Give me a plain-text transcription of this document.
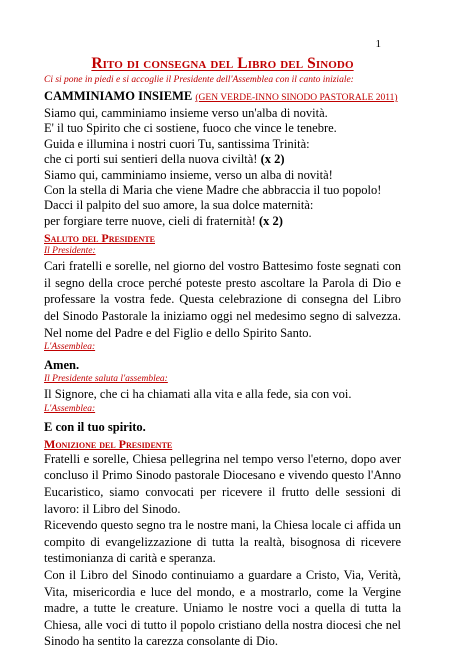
1
Rito di consegna del Libro del Sinodo
Ci si pone in piedi e si accoglie il Presidente dell'Assemblea con il canto iniziale:
CAMMINIAMO INSIEME (GEN VERDE-INNO SINODO PASTORALE 2011)
Siamo qui, camminiamo insieme verso un'alba di novità.
E' il tuo Spirito che ci sostiene, fuoco che vince le tenebre.
Guida e illumina i nostri cuori Tu, santissima Trinità:
che ci porti sui sentieri della nuova civiltà! (x 2)
Siamo qui, camminiamo insieme, verso un alba di novità!
Con la stella di Maria che viene Madre che abbraccia il tuo popolo!
Dacci il palpito del suo amore, la sua dolce maternità:
per forgiare terre nuove, cieli di fraternità! (x 2)
Saluto del Presidente
Il Presidente:
Cari fratelli e sorelle, nel giorno del vostro Battesimo foste segnati con il segno della croce perché poteste presto ascoltare la Parola di Dio e professare la vostra fede. Questa celebrazione di consegna del Libro del Sinodo Pastorale la iniziamo oggi nel medesimo segno di salvezza. Nel nome del Padre e del Figlio e dello Spirito Santo.
L'Assemblea:
Amen.
Il Presidente saluta l'assemblea:
Il Signore, che ci ha chiamati alla vita e alla fede, sia con voi.
L'Assemblea:
E con il tuo spirito.
Monizione del Presidente
Fratelli e sorelle, Chiesa pellegrina nel tempo verso l'eterno, dopo aver concluso il Primo Sinodo pastorale Diocesano e vivendo questo l'Anno Eucaristico, siamo convocati per ricevere il frutto delle sessioni di lavoro: il Libro del Sinodo.
Ricevendo questo segno tra le nostre mani, la Chiesa locale ci affida un compito di evangelizzazione di tutta la realtà, bisognosa di ricevere testimonianza di carità e speranza.
Con il Libro del Sinodo continuiamo a guardare a Cristo, Via, Verità, Vita, misericordia e luce del mondo, e a mostrarlo, come la Vergine madre, a tutte le creature. Uniamo le nostre voci a quella di tutta la Chiesa, alle voci di tutto il popolo cristiano della nostra diocesi che nel Sinodo ha sentito la carezza consolante di Dio.
